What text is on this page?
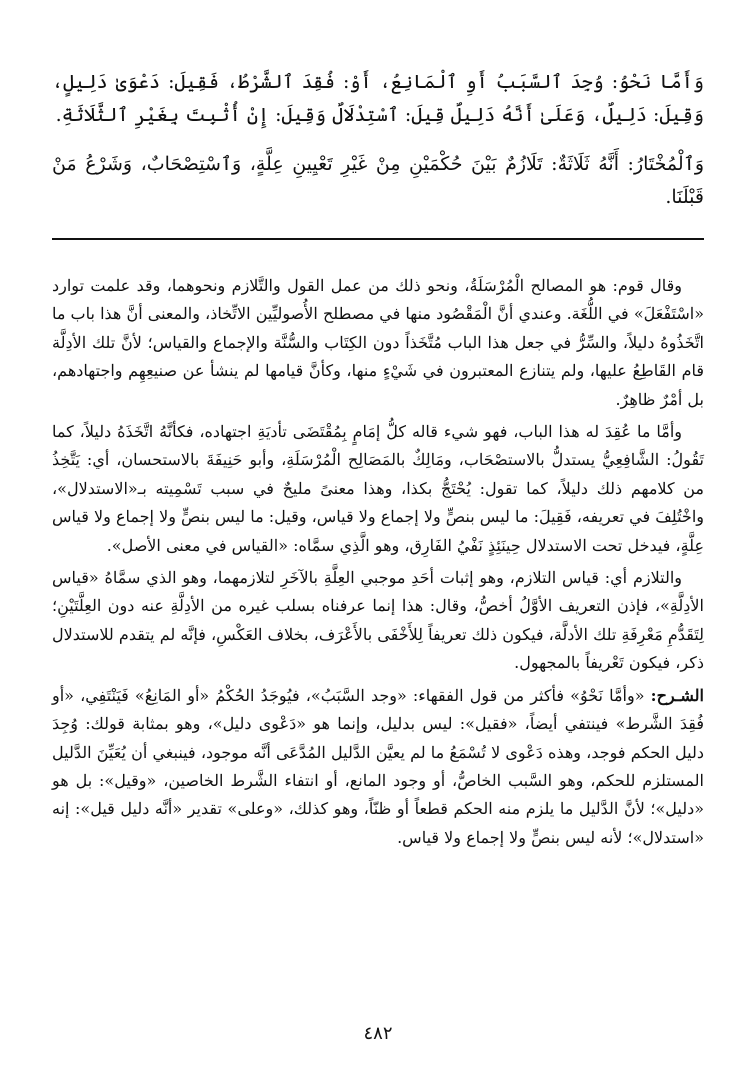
وَأَمَّا نَحْوُ: وُجِدَ ٱلسَّبَبُ أَوِ ٱلْمَانِعُ، أَوْ: فُقِدَ ٱلشَّرْطُ، فَقِيلَ: دَعْوَىٰ دَلِيلٍ، وَقِيلَ: دَلِيلٌ، وَعَلَىٰ أَنَّهُ دَلِيلٌ قِيلَ: ٱسْتِدْلَالٌ وَقِيلَ: إِنْ أُثْبِتَ بِغَيْرِ ٱلثَّلَاثَةِ.

وَٱلْمُخْتَارُ: أَنَّهُ ثَلَاثَةٌ: تَلَازُمٌ بَيْنَ حُكْمَيْنِ مِنْ غَيْرِ تَعْيِينِ عِلَّةٍ، وَٱسْتِصْحَابٌ، وَشَرْعُ مَنْ قَبْلَنَا.

وقال قوم: هو المصالح الْمُرْسَلَةُ، ونحو ذلك من عمل القول والتَّلازم ونحوهما، وقد علمت توارد «اسْتَفْعَلَ» في اللُّغَة. وعندي أنَّ الْمَقْصُود منها في مصطلح الأُصوليِّين الاتِّخاذ، والمعنى أنَّ هذا باب ما اتَّخَذُوهُ دليلاً، والسِّرُّ في جعل هذا الباب مُتَّخَذاً دون الكِتَاب والسُّنَّة والإجماع والقياس؛ لأنَّ تلك الأدِلَّة قام القَاطِعُ عليها، ولم يتنازع المعتبرون في شَيْءٍ منها، وكأنَّ قيامها لم ينشأ عن صنيعِهِم واجتهادهم، بل أمْرٌ ظاهِرٌ.

وأمَّا ما عُقِدَ له هذا الباب، فهو شيء قاله كلُّ إمَامٍ بِمُقْتَضَى تأديَةِ اجتهاده، فكأنَّهُ اتَّخَذَهُ دليلاً، كما تَقُولُ: الشَّافِعِيُّ يستدلُّ بالاستصْحَاب، ومَالِكٌ بالمَصَالِح الْمُرْسَلَةِ، وأبو حَنِيفَةَ بالاستحسان، أي: يَتَّخِذُ من كلامهم ذلك دليلاً، كما تقول: يُحْتَجُّ بكذا، وهذا معنىً مليحٌ في سبب تَسْمِيته بـ«الاستدلال»، واخْتُلِفَ في تعريفه، فَقِيلَ: ما ليس بنصٍّ ولا إجماع ولا قياس، وقيل: ما ليس بنصٍّ ولا إجماع ولا قياس عِلَّةٍ، فيدخل تحت الاستدلال حِينَئِذٍ نَفْيُ الفَارِق، وهو الَّذِي سمَّاه: «القياس في معنى الأصل».

والتلازم أي: قياس التلازم، وهو إثبات أحَدِ موجبي العِلَّةِ بالآخَرِ لتلازمهما، وهو الذي سمَّاهُ «قياس الأدِلَّةِ»، فإذن التعريف الأوَّلُ أخصُّ، وقال: هذا إنما عرفناه بسلب غيره من الأدِلَّةِ عنه دون العِلَّتَيْنِ؛ لِتَقَدُّمِ مَعْرِفَةِ تلك الأدلَّة، فيكون ذلك تعريفاً لِلأَخْفَى بالأَعْرَف، بخلاف العَكْسِ، فإنَّه لم يتقدم للاستدلال ذكر، فيكون تَعْريفاً بالمجهول.

الشـرح: «وأمَّا نَحْوُ» فأكثر من قول الفقهاء: «وجد السَّبَبُ»، فيُوجَدُ الحُكْمُ «أو المَانِعُ» فَيَنْتَفِي، «أو فُقِدَ الشَّرط» فينتفي أيضاً، «فقيل»: ليس بدليل، وإنما هو «دَعْوى دليل»، وهو بمثابة قولك: وُجِدَ دليل الحكم فوجد، وهذه دَعْوى لا تُسْمَعُ ما لم يعيَّن الدَّليل المُدَّعَى أنَّه موجود، فينبغي أن يُعَيِّنَ الدَّليل المستلزم للحكم، وهو السَّبب الخاصُّ، أو وجود المانع، أو انتفاء الشَّرط الخاصين، «وقيل»: بل هو «دليل»؛ لأنَّ الدَّليل ما يلزم منه الحكم قطعاً أو ظنّاً، وهو كذلك، «وعلى» تقدير «أنَّه دليل قيل»: إنه «استدلال»؛ لأنه ليس بنصٍّ ولا إجماع ولا قياس.

٤٨٢
